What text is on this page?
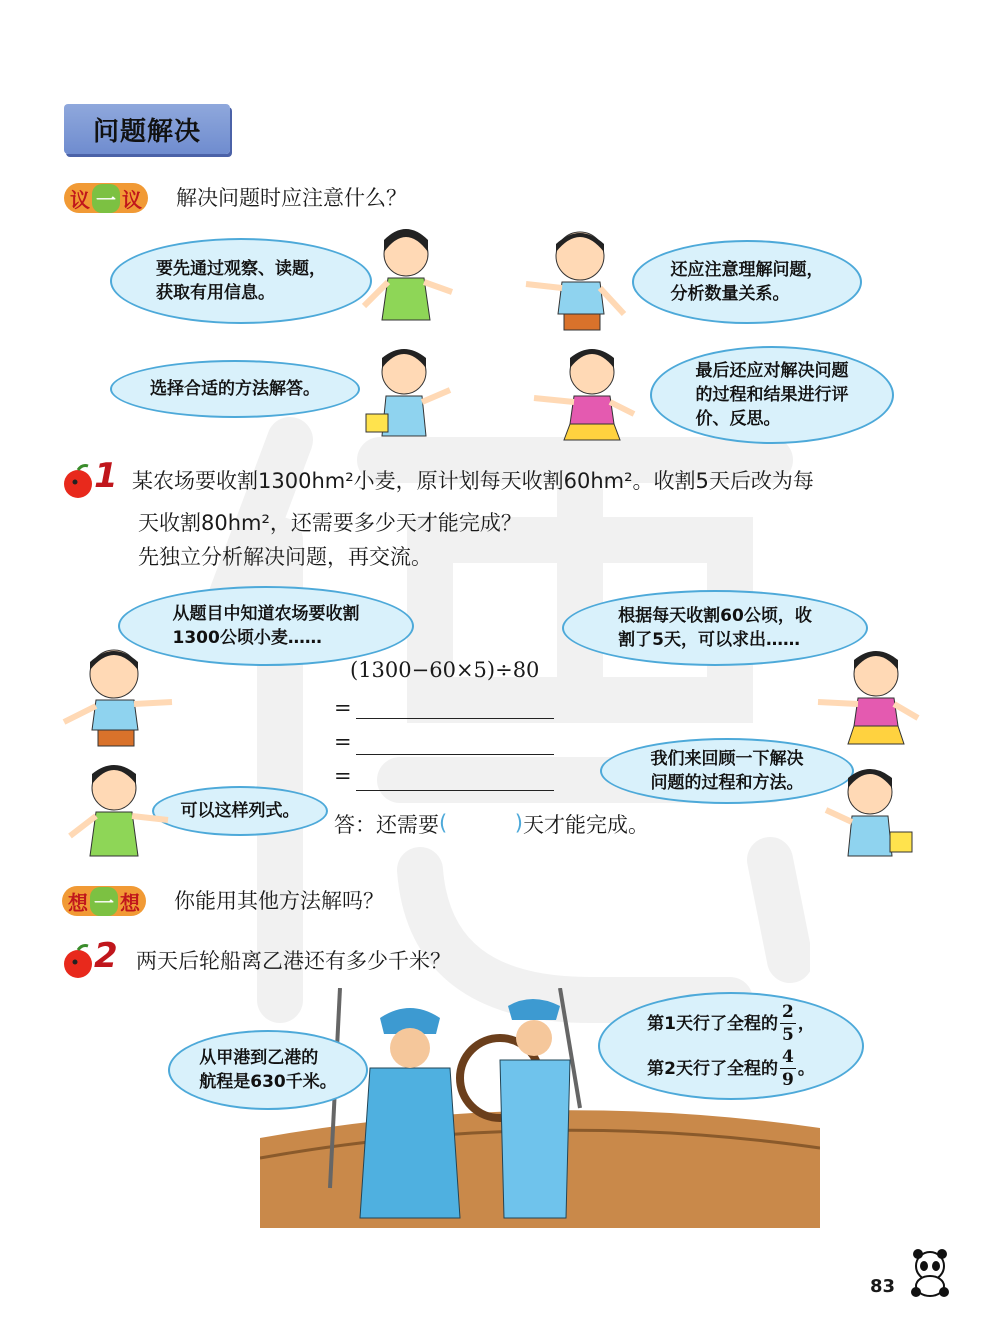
问题解决
议 一 议 解决问题时应注意什么？
要先通过观察、读题，
获取有用信息。
还应注意理解问题，
分析数量关系。
选择合适的方法解答。
最后还应对解决问题
的过程和结果进行评
价、反思。
1 某农场要收割1300hm²小麦，原计划每天收割60hm²。收割5天后改为每
天收割80hm²，还需要多少天才能完成？
先独立分析解决问题，再交流。
从题目中知道农场要收割
1300公顷小麦……
根据每天收割60公顷，收
割了5天，可以求出……
可以这样列式。
我们来回顾一下解决
问题的过程和方法。
(1300−60×5)÷80
=
=
=
答：还需要 (	) 天才能完成。
想 一 想 你能用其他方法解吗？
2 两天后轮船离乙港还有多少千米？
从甲港到乙港的
航程是630千米。
第1天行了全程的 $\frac{2}{5}$ ，
第2天行了全程的 $\frac{4}{9}$ 。
83
